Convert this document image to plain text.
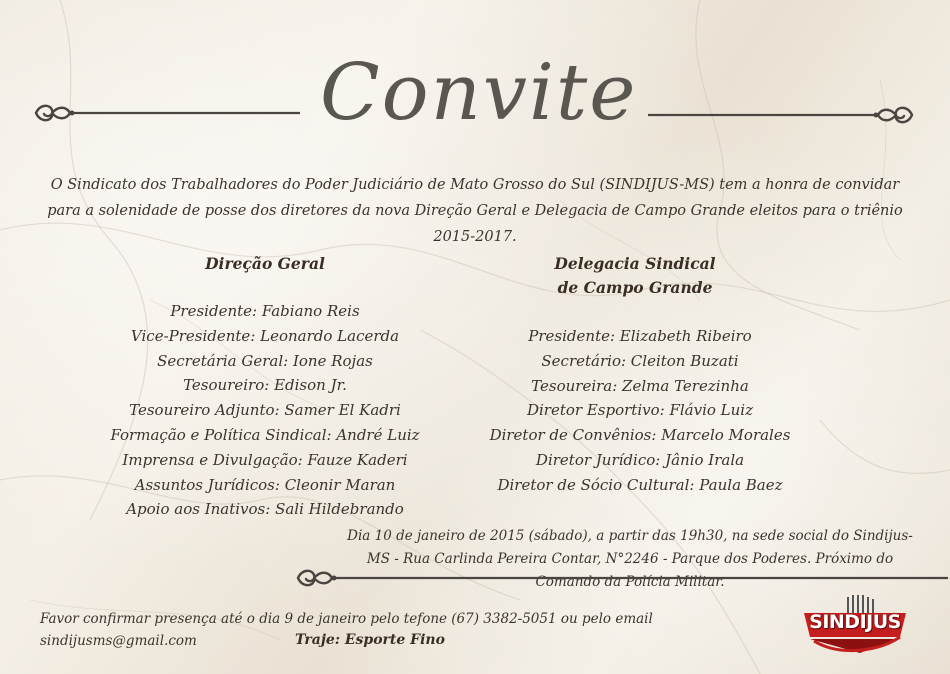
Convite
O Sindicato dos Trabalhadores do Poder Judiciário de Mato Grosso do Sul (SINDIJUS-MS) tem a honra de convidar para a solenidade de posse dos diretores da nova Direção Geral e Delegacia de Campo Grande eleitos para o triênio 2015-2017.
Direção Geral
Presidente: Fabiano Reis
Vice-Presidente: Leonardo Lacerda
Secretária Geral: Ione Rojas
Tesoureiro: Edison Jr.
Tesoureiro Adjunto: Samer El Kadri
Formação e Política Sindical: André Luiz
Imprensa e Divulgação: Fauze Kaderi
Assuntos Jurídicos: Cleonir Maran
Apoio aos Inativos: Sali Hildebrando
Delegacia Sindical
de Campo Grande
Presidente: Elizabeth Ribeiro
Secretário: Cleiton Buzati
Tesoureira: Zelma Terezinha
Diretor Esportivo: Flávio Luiz
Diretor de Convênios: Marcelo Morales
Diretor Jurídico: Jânio Irala
Diretor de Sócio Cultural: Paula Baez
Dia 10 de janeiro de 2015 (sábado), a partir das 19h30, na sede social do Sindijus-MS - Rua Carlinda Pereira Contar, N°2246 - Parque dos Poderes. Próximo do Comando da Polícia Militar.
Favor confirmar presença até o dia 9 de janeiro pelo tefone (67) 3382-5051 ou pelo email sindijusms@gmail.com	Traje: Esporte Fino
SINDIJUS
